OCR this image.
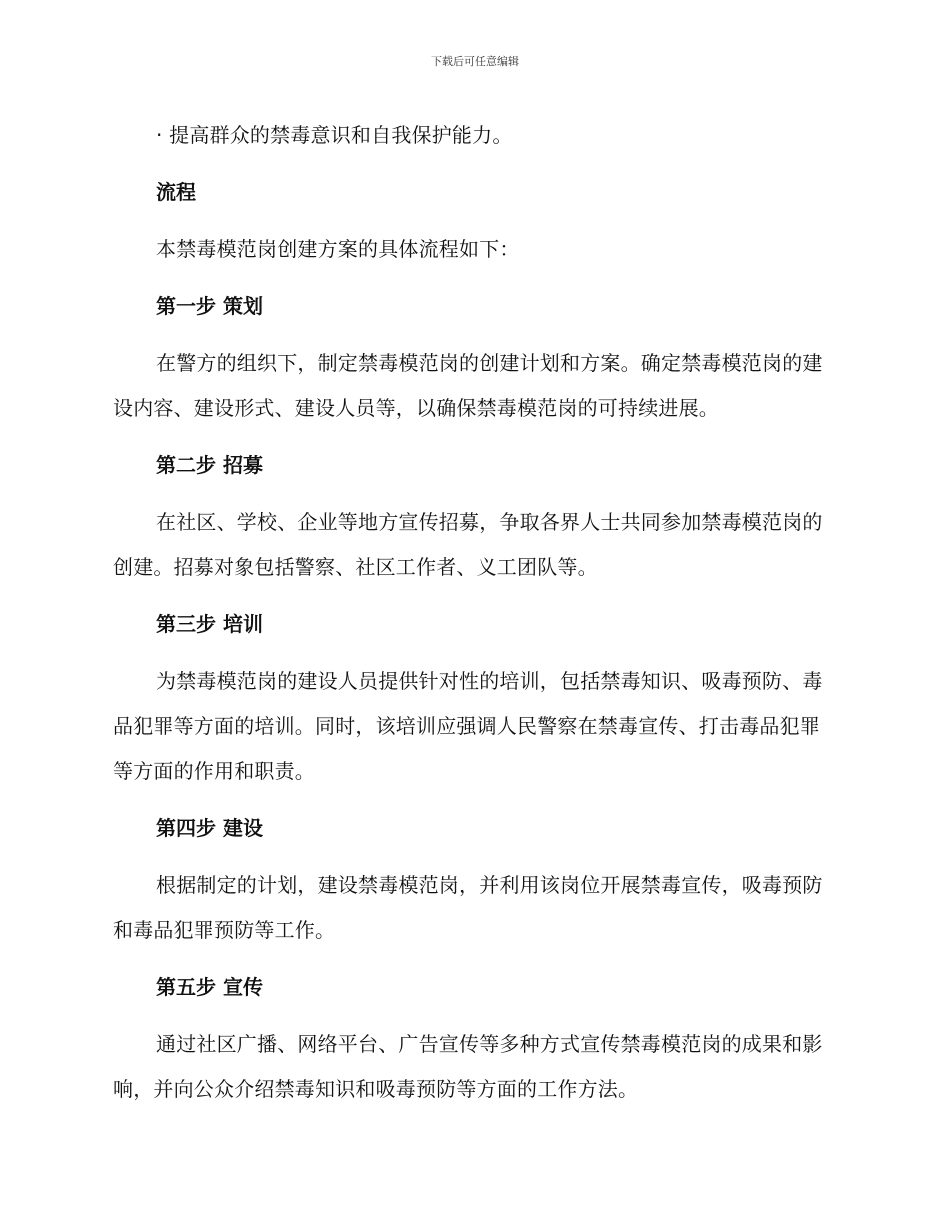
下载后可任意编辑

· 提高群众的禁毒意识和自我保护能力。

流程

本禁毒模范岗创建方案的具体流程如下：

第一步 策划

在警方的组织下，制定禁毒模范岗的创建计划和方案。确定禁毒模范岗的建设内容、建设形式、建设人员等，以确保禁毒模范岗的可持续进展。

第二步 招募

在社区、学校、企业等地方宣传招募，争取各界人士共同参加禁毒模范岗的创建。招募对象包括警察、社区工作者、义工团队等。

第三步 培训

为禁毒模范岗的建设人员提供针对性的培训，包括禁毒知识、吸毒预防、毒品犯罪等方面的培训。同时，该培训应强调人民警察在禁毒宣传、打击毒品犯罪等方面的作用和职责。

第四步 建设

根据制定的计划，建设禁毒模范岗，并利用该岗位开展禁毒宣传，吸毒预防和毒品犯罪预防等工作。

第五步 宣传

通过社区广播、网络平台、广告宣传等多种方式宣传禁毒模范岗的成果和影响，并向公众介绍禁毒知识和吸毒预防等方面的工作方法。
